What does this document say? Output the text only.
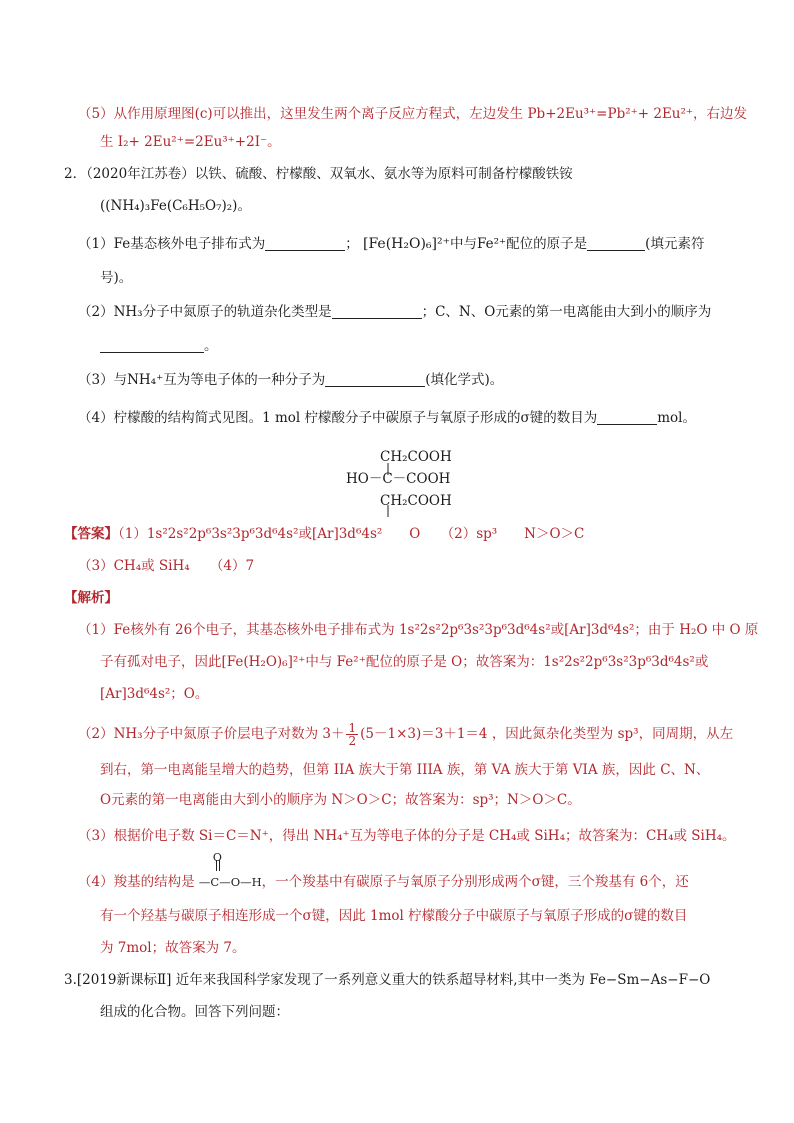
（5）从作用原理图(c)可以推出，这里发生两个离子反应方程式，左边发生 Pb+2Eu³⁺=Pb²⁺+ 2Eu²⁺，右边发
生 I₂+ 2Eu²⁺=2Eu³⁺+2I⁻。
2．（2020年江苏卷）以铁、硫酸、柠檬酸、双氧水、氨水等为原料可制备柠檬酸铁铵
((NH₄)₃Fe(C₆H₅O₇)₂)。
（1）Fe基态核外电子排布式为	； [Fe(H₂O)₆]²⁺中与Fe²⁺配位的原子是	(填元素符
号)。
（2）NH₃分子中氮原子的轨道杂化类型是	；C、N、O元素的第一电离能由大到小的顺序为
。
（3）与NH₄⁺互为等电子体的一种分子为	(填化学式)。
（4）柠檬酸的结构简式见图。1 mol 柠檬酸分子中碳原子与氧原子形成的σ键的数目为	mol。
CH₂COOH
HO－C－COOH
CH₂COOH
【答案】（1）1s²2s²2p⁶3s²3p⁶3d⁶4s²或[Ar]3d⁶4s²　　O　　（2）sp³　　N＞O＞C
（3）CH₄或 SiH₄　　（4）7
【解析】
（1）Fe核外有 26个电子，其基态核外电子排布式为 1s²2s²2p⁶3s²3p⁶3d⁶4s²或[Ar]3d⁶4s²；由于 H₂O 中 O 原
子有孤对电子，因此[Fe(H₂O)₆]²⁺中与 Fe²⁺配位的原子是 O；故答案为：1s²2s²2p⁶3s²3p⁶3d⁶4s²或
[Ar]3d⁶4s²；O。
（2）NH₃分子中氮原子价层电子对数为 $3+ \frac{1}{2} (5-1\times 3)=3+1=4$ ，因此氮杂化类型为 sp³，同周期，从左
到右，第一电离能呈增大的趋势，但第 IIA 族大于第 IIIA 族，第 VA 族大于第 VIA 族，因此 C、N、
O元素的第一电离能由大到小的顺序为 N＞O＞C；故答案为：sp³；N＞O＞C。
（3）根据价电子数 Si＝C＝N⁺，得出 NH₄⁺互为等电子体的分子是 CH₄或 SiH₄；故答案为：CH₄或 SiH₄。
（4）羧基的结构是
O
—C—O—H，一个羧基中有碳原子与氧原子分别形成两个σ键，三个羧基有 6个，还
有一个羟基与碳原子相连形成一个σ键，因此 1mol 柠檬酸分子中碳原子与氧原子形成的σ键的数目
为 7mol；故答案为 7。
3.[2019新课标Ⅱ] 近年来我国科学家发现了一系列意义重大的铁系超导材料,其中一类为 Fe−Sm−As−F−O
组成的化合物。回答下列问题：
